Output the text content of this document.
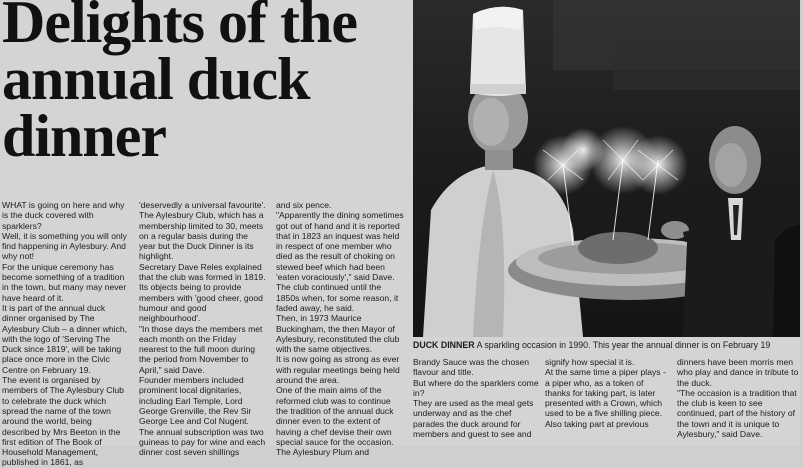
Delights of the annual duck dinner

WHAT is going on here and why is the duck covered with sparklers?

Well, it is something you will only find happening in Aylesbury. And why not!

For the unique ceremony has become something of a tradition in the town, but many may never have heard of it.

It is part of the annual duck dinner organised by The Aylesbury Club – a dinner which, with the logo of 'Serving The Duck since 1819', will be taking place once more in the Civic Centre on February 19.

The event is organised by members of The Aylesbury Club to celebrate the duck which spread the name of the town around the world, being described by Mrs Beeton in the first edition of The Book of Household Management, published in 1861, as

'deservedly a universal favourite'.

The Aylesbury Club, which has a membership limited to 30, meets on a regular basis during the year but the Duck Dinner is its highlight.

Secretary Dave Reles explained that the club was formed in 1819. Its objects being to provide members with 'good cheer, good humour and good neighbourhood'.

"In those days the members met each month on the Friday nearest to the full moon during the period from November to April," said Dave.

Founder members included prominent local dignitaries, including Earl Temple, Lord George Grenville, the Rev Sir George Lee and Col Nugent.

The annual subscription was two guineas to pay for wine and each dinner cost seven shillings

and six pence.

"Apparently the dining sometimes got out of hand and it is reported that in 1823 an inquest was held in respect of one member who died as the result of choking on stewed beef which had been 'eaten voraciously'," said Dave.

The club continued until the 1850s when, for some reason, it faded away, he said.

Then, in 1973 Maurice Buckingham, the then Mayor of Aylesbury, reconstituted the club with the same objectives.

It is now going as strong as ever with regular meetings being held around the area.

One of the main aims of the reformed club was to continue the tradition of the annual duck dinner even to the extent of having a chef devise their own special sauce for the occasion.

The Aylesbury Plum and

DUCK DINNER A sparkling occasion in 1990. This year the annual dinner is on February 19

Brandy Sauce was the chosen flavour and title.

But where do the sparklers come in?

They are used as the meal gets underway and as the chef parades the duck around for members and guest to see and

signify how special it is.

At the same time a piper plays - a piper who, as a token of thanks for taking part, is later presented with a Crown, which used to be a five shilling piece.

Also taking part at previous

dinners have been morris men who play and dance in tribute to the duck.

"The occasion is a tradition that the club is keen to see continued, part of the history of the town and it is unique to Aylesbury," said Dave.
